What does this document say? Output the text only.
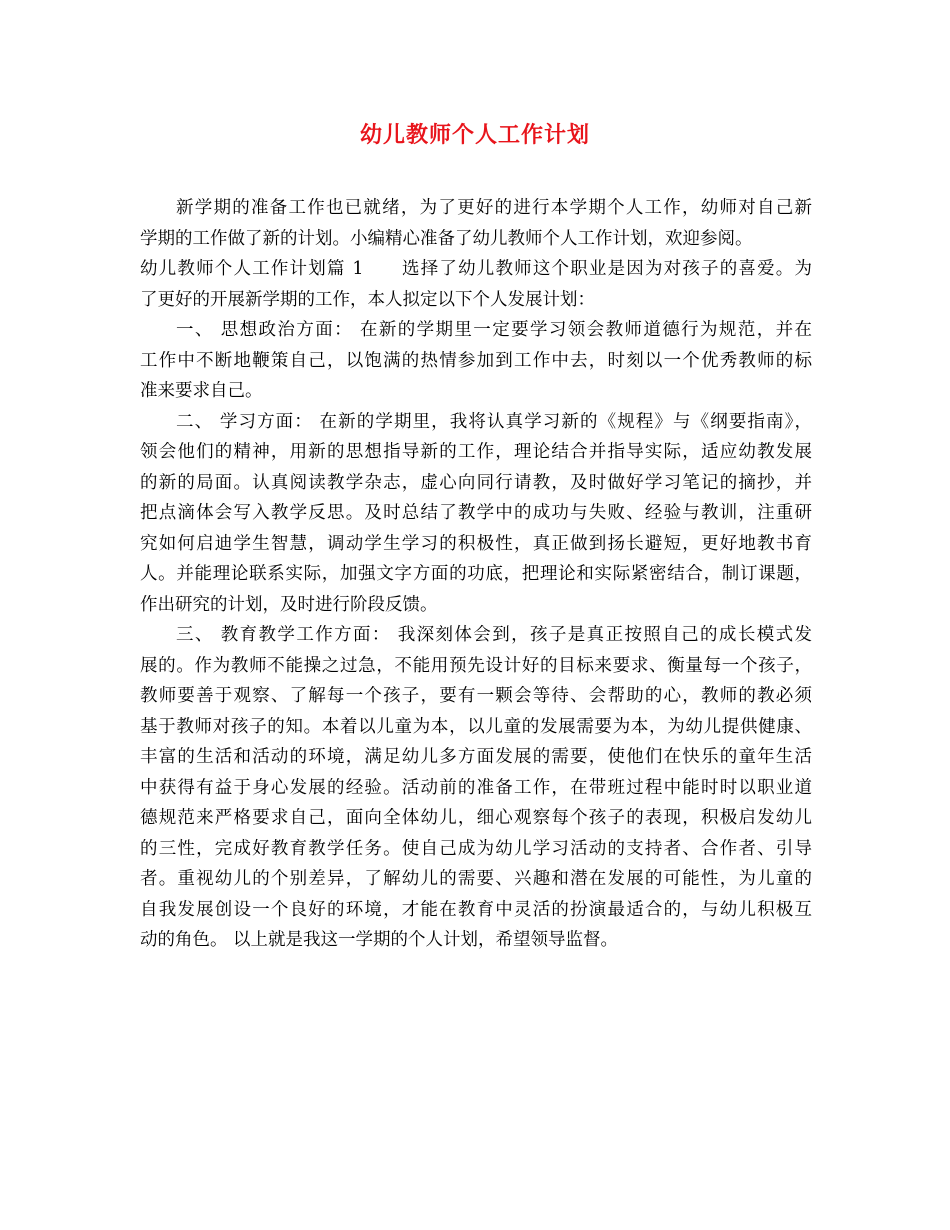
幼儿教师个人工作计划
新学期的准备工作也已就绪，为了更好的进行本学期个人工作，幼师对自己新
学期的工作做了新的计划。小编精心准备了幼儿教师个人工作计划，欢迎参阅。
幼儿教师个人工作计划篇 1　　选择了幼儿教师这个职业是因为对孩子的喜爱。为
了更好的开展新学期的工作，本人拟定以下个人发展计划：
一、 思想政治方面： 在新的学期里一定要学习领会教师道德行为规范，并在
工作中不断地鞭策自己，以饱满的热情参加到工作中去，时刻以一个优秀教师的标
准来要求自己。
二、 学习方面： 在新的学期里，我将认真学习新的《规程》与《纲要指南》，
领会他们的精神，用新的思想指导新的工作，理论结合并指导实际，适应幼教发展
的新的局面。认真阅读教学杂志，虚心向同行请教，及时做好学习笔记的摘抄，并
把点滴体会写入教学反思。及时总结了教学中的成功与失败、经验与教训，注重研
究如何启迪学生智慧，调动学生学习的积极性，真正做到扬长避短，更好地教书育
人。并能理论联系实际，加强文字方面的功底，把理论和实际紧密结合，制订课题，
作出研究的计划，及时进行阶段反馈。
三、 教育教学工作方面： 我深刻体会到，孩子是真正按照自己的成长模式发
展的。作为教师不能操之过急，不能用预先设计好的目标来要求、衡量每一个孩子，
教师要善于观察、了解每一个孩子，要有一颗会等待、会帮助的心，教师的教必须
基于教师对孩子的知。本着以儿童为本，以儿童的发展需要为本，为幼儿提供健康、
丰富的生活和活动的环境，满足幼儿多方面发展的需要，使他们在快乐的童年生活
中获得有益于身心发展的经验。活动前的准备工作，在带班过程中能时时以职业道
德规范来严格要求自己，面向全体幼儿，细心观察每个孩子的表现，积极启发幼儿
的三性，完成好教育教学任务。使自己成为幼儿学习活动的支持者、合作者、引导
者。重视幼儿的个别差异，了解幼儿的需要、兴趣和潜在发展的可能性，为儿童的
自我发展创设一个良好的环境，才能在教育中灵活的扮演最适合的，与幼儿积极互
动的角色。 以上就是我这一学期的个人计划，希望领导监督。
